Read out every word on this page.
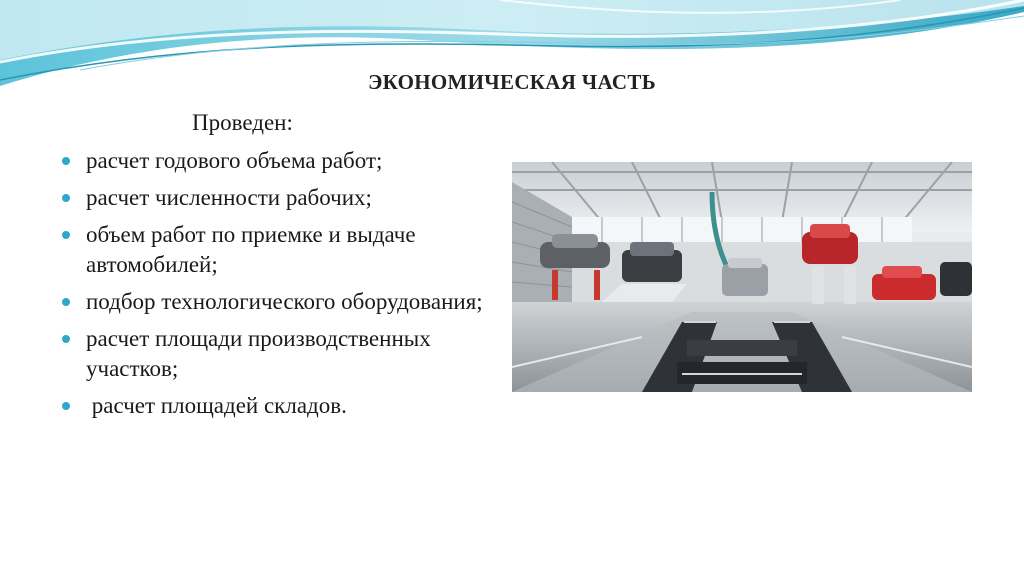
ЭКОНОМИЧЕСКАЯ ЧАСТЬ
Проведен:
расчет годового объема работ;
расчет численности рабочих;
объем работ по приемке и выдаче автомобилей;
подбор технологического оборудования;
расчет площади производственных участков;
расчет площадей складов.
